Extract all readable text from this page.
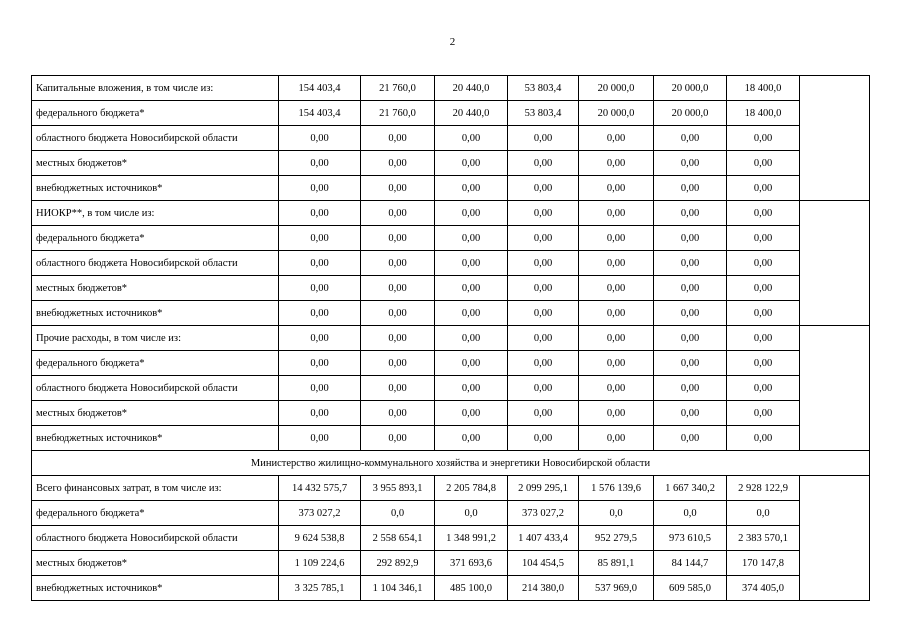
2
Капитальные вложения, в том числе из:	154 403,4	21 760,0	20 440,0	53 803,4	20 000,0	20 000,0	18 400,0	
федерального бюджета*	154 403,4	21 760,0	20 440,0	53 803,4	20 000,0	20 000,0	18 400,0	
областного бюджета Новосибирской области	0,00	0,00	0,00	0,00	0,00	0,00	0,00	
местных бюджетов*	0,00	0,00	0,00	0,00	0,00	0,00	0,00	
внебюджетных источников*	0,00	0,00	0,00	0,00	0,00	0,00	0,00	
НИОКР**, в том числе из:	0,00	0,00	0,00	0,00	0,00	0,00	0,00	
федерального бюджета*	0,00	0,00	0,00	0,00	0,00	0,00	0,00	
областного бюджета Новосибирской области	0,00	0,00	0,00	0,00	0,00	0,00	0,00	
местных бюджетов*	0,00	0,00	0,00	0,00	0,00	0,00	0,00	
внебюджетных источников*	0,00	0,00	0,00	0,00	0,00	0,00	0,00	
Прочие расходы, в том числе из:	0,00	0,00	0,00	0,00	0,00	0,00	0,00	
федерального бюджета*	0,00	0,00	0,00	0,00	0,00	0,00	0,00	
областного бюджета Новосибирской области	0,00	0,00	0,00	0,00	0,00	0,00	0,00	
местных бюджетов*	0,00	0,00	0,00	0,00	0,00	0,00	0,00	
внебюджетных источников*	0,00	0,00	0,00	0,00	0,00	0,00	0,00	
Министерство жилищно-коммунального хозяйства и энергетики Новосибирской области								
Всего финансовых затрат, в том числе из:	14 432 575,7	3 955 893,1	2 205 784,8	2 099 295,1	1 576 139,6	1 667 340,2	2 928 122,9	
федерального бюджета*	373 027,2	0,0	0,0	373 027,2	0,0	0,0	0,0	
областного бюджета Новосибирской области	9 624 538,8	2 558 654,1	1 348 991,2	1 407 433,4	952 279,5	973 610,5	2 383 570,1	
местных бюджетов*	1 109 224,6	292 892,9	371 693,6	104 454,5	85 891,1	84 144,7	170 147,8	
внебюджетных источников*	3 325 785,1	1 104 346,1	485 100,0	214 380,0	537 969,0	609 585,0	374 405,0	
